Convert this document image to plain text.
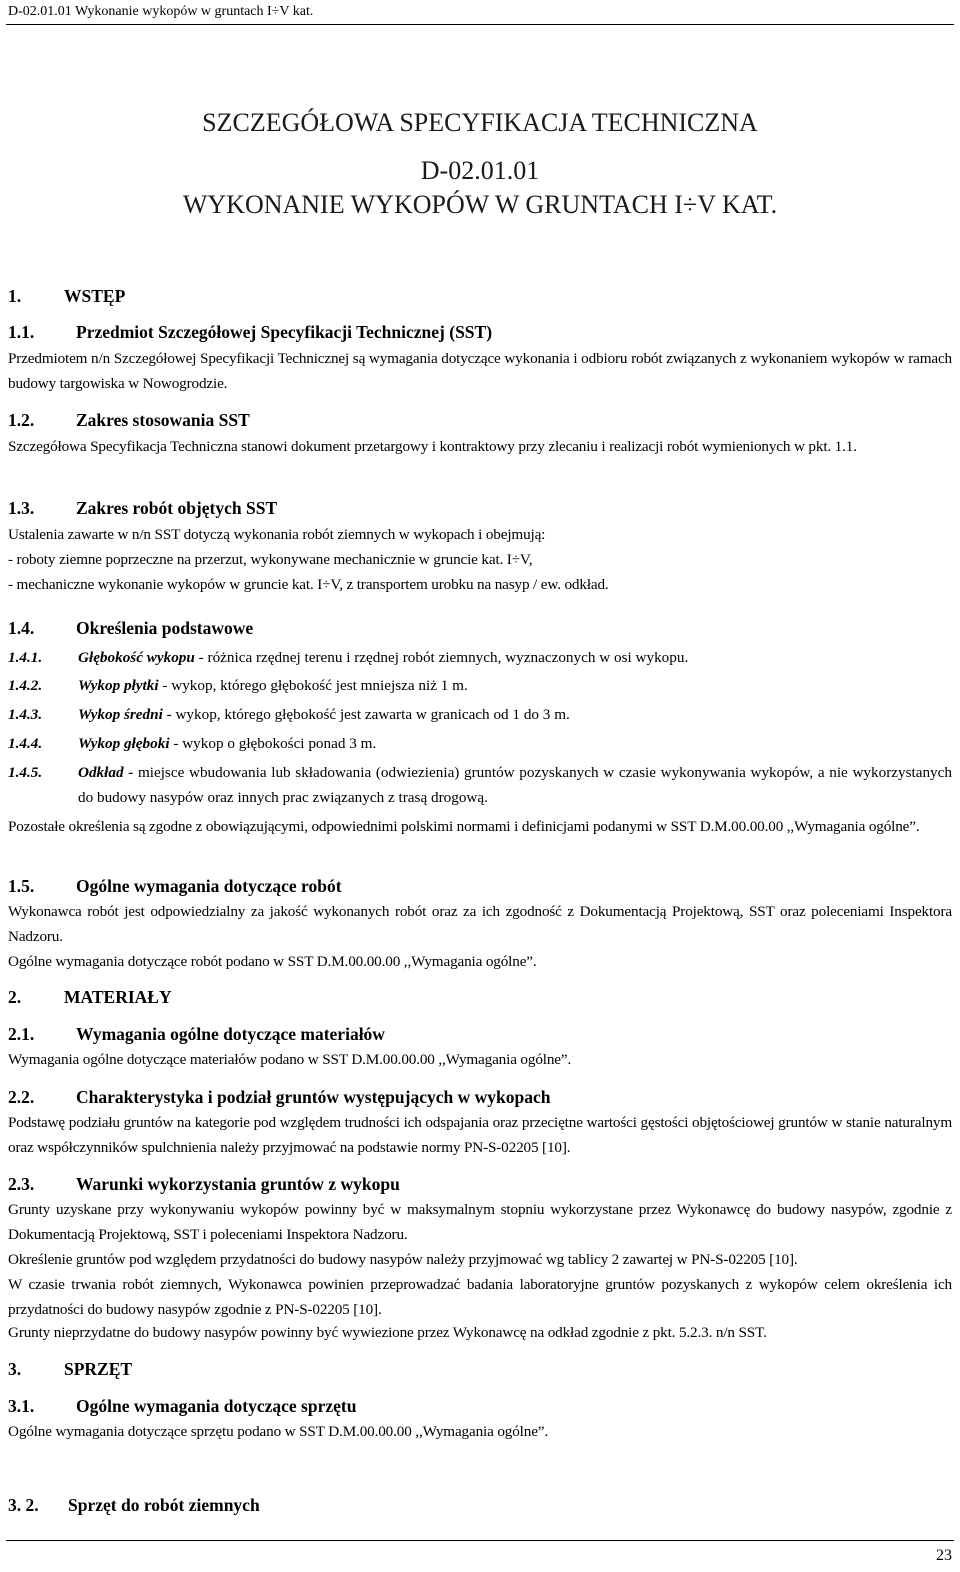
D-02.01.01 Wykonanie wykopów w gruntach I÷V kat.
SZCZEGÓŁOWA SPECYFIKACJA TECHNICZNA
D-02.01.01
WYKONANIE WYKOPÓW W GRUNTACH I÷V KAT.
1. WSTĘP
1.1. Przedmiot Szczegółowej Specyfikacji Technicznej (SST)
Przedmiotem n/n Szczegółowej Specyfikacji Technicznej są wymagania dotyczące wykonania i odbioru robót związanych z wykonaniem wykopów w ramach budowy targowiska w Nowogrodzie.
1.2. Zakres stosowania SST
Szczegółowa Specyfikacja Techniczna stanowi dokument przetargowy i kontraktowy przy zlecaniu i realizacji robót wymienionych w pkt. 1.1.
1.3. Zakres robót objętych SST
Ustalenia zawarte w n/n SST dotyczą wykonania robót ziemnych w wykopach i obejmują:
- roboty ziemne poprzeczne na przerzut, wykonywane mechanicznie w gruncie kat. I÷V,
- mechaniczne wykonanie wykopów w gruncie kat. I÷V, z transportem urobku na nasyp / ew. odkład.
1.4. Określenia podstawowe
1.4.1. Głębokość wykopu - różnica rzędnej terenu i rzędnej robót ziemnych, wyznaczonych w osi wykopu.
1.4.2. Wykop płytki - wykop, którego głębokość jest mniejsza niż 1 m.
1.4.3. Wykop średni - wykop, którego głębokość jest zawarta w granicach od 1 do 3 m.
1.4.4. Wykop głęboki - wykop o głębokości ponad 3 m.
1.4.5. Odkład - miejsce wbudowania lub składowania (odwiezienia) gruntów pozyskanych w czasie wykonywania wykopów, a nie wykorzystanych do budowy nasypów oraz innych prac związanych z trasą drogową.
Pozostałe określenia są zgodne z obowiązującymi, odpowiednimi polskimi normami i definicjami podanymi w SST D.M.00.00.00 ,,Wymagania ogólne”.
1.5. Ogólne wymagania dotyczące robót
Wykonawca robót jest odpowiedzialny za jakość wykonanych robót oraz za ich zgodność z Dokumentacją Projektową, SST oraz poleceniami Inspektora Nadzoru.
Ogólne wymagania dotyczące robót podano w SST D.M.00.00.00 ,,Wymagania ogólne”.
2. MATERIAŁY
2.1. Wymagania ogólne dotyczące materiałów
Wymagania ogólne dotyczące materiałów podano w SST D.M.00.00.00 ,,Wymagania ogólne”.
2.2. Charakterystyka i podział gruntów występujących w wykopach
Podstawę podziału gruntów na kategorie pod względem trudności ich odspajania oraz przeciętne wartości gęstości objętościowej gruntów w stanie naturalnym oraz współczynników spulchnienia należy przyjmować na podstawie normy PN-S-02205 [10].
2.3. Warunki wykorzystania gruntów z wykopu
Grunty uzyskane przy wykonywaniu wykopów powinny być w maksymalnym stopniu wykorzystane przez Wykonawcę do budowy nasypów, zgodnie z Dokumentacją Projektową, SST i poleceniami Inspektora Nadzoru.
Określenie gruntów pod względem przydatności do budowy nasypów należy przyjmować wg tablicy 2 zawartej w PN-S-02205 [10].
W czasie trwania robót ziemnych, Wykonawca powinien przeprowadzać badania laboratoryjne gruntów pozyskanych z wykopów celem określenia ich przydatności do budowy nasypów zgodnie z PN-S-02205 [10].
Grunty nieprzydatne do budowy nasypów powinny być wywiezione przez Wykonawcę na odkład zgodnie z pkt. 5.2.3. n/n SST.
3. SPRZĘT
3.1. Ogólne wymagania dotyczące sprzętu
Ogólne wymagania dotyczące sprzętu podano w SST D.M.00.00.00 ,,Wymagania ogólne”.
3. 2. Sprzęt do robót ziemnych
23
